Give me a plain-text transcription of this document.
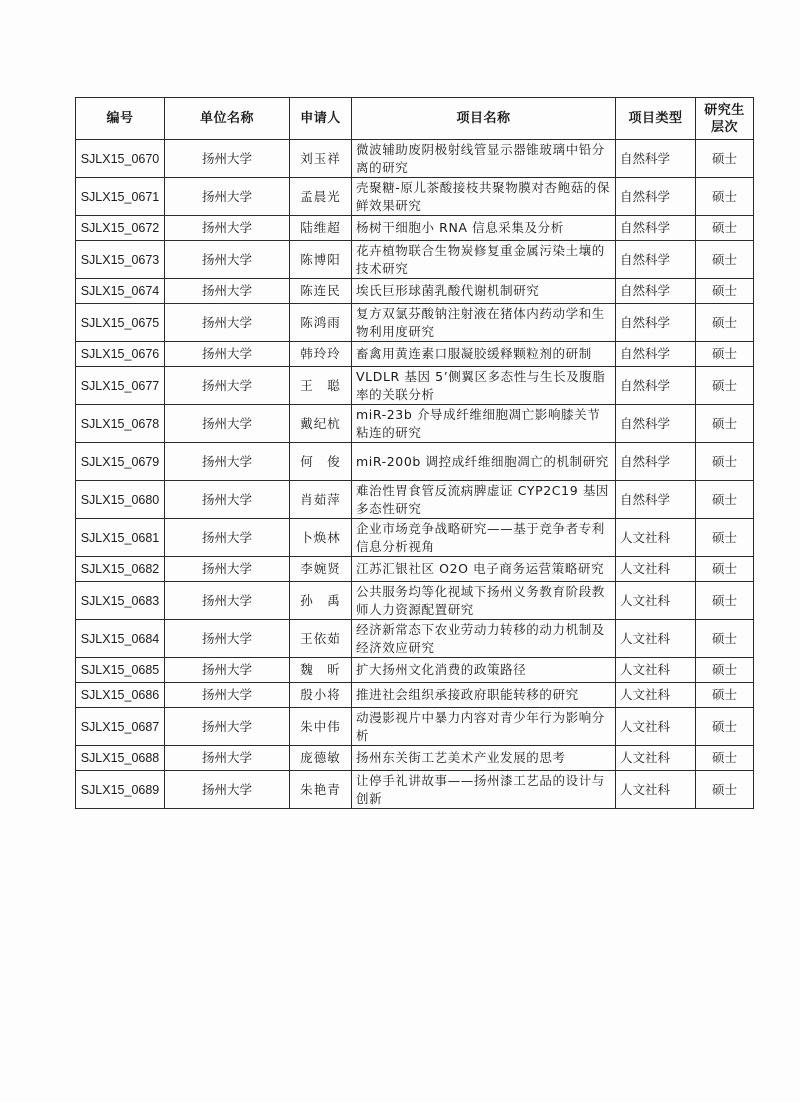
编号	单位名称	申请人	项目名称	项目类型	研究生层次
SJLX15_0670	扬州大学	刘玉祥	微波辅助废阴极射线管显示器锥玻璃中铅分离的研究	自然科学	硕士
SJLX15_0671	扬州大学	孟晨光	壳聚糖-原儿茶酸接枝共聚物膜对杏鲍菇的保鲜效果研究	自然科学	硕士
SJLX15_0672	扬州大学	陆维超	杨树干细胞小 RNA 信息采集及分析	自然科学	硕士
SJLX15_0673	扬州大学	陈博阳	花卉植物联合生物炭修复重金属污染土壤的技术研究	自然科学	硕士
SJLX15_0674	扬州大学	陈连民	埃氏巨形球菌乳酸代谢机制研究	自然科学	硕士
SJLX15_0675	扬州大学	陈鸿雨	复方双氯芬酸钠注射液在猪体内药动学和生物利用度研究	自然科学	硕士
SJLX15_0676	扬州大学	韩玲玲	畜禽用黄连素口服凝胶缓释颗粒剂的研制	自然科学	硕士
SJLX15_0677	扬州大学	王　聪	VLDLR 基因 5’侧翼区多态性与生长及腹脂率的关联分析	自然科学	硕士
SJLX15_0678	扬州大学	戴纪杭	miR-23b 介导成纤维细胞凋亡影响膝关节粘连的研究	自然科学	硕士
SJLX15_0679	扬州大学	何　俊	miR-200b 调控成纤维细胞凋亡的机制研究	自然科学	硕士
SJLX15_0680	扬州大学	肖茹萍	难治性胃食管反流病脾虚证 CYP2C19 基因多态性研究	自然科学	硕士
SJLX15_0681	扬州大学	卜焕林	企业市场竞争战略研究——基于竞争者专利信息分析视角	人文社科	硕士
SJLX15_0682	扬州大学	李婉贤	江苏汇银社区 O2O 电子商务运营策略研究	人文社科	硕士
SJLX15_0683	扬州大学	孙　禹	公共服务均等化视域下扬州义务教育阶段教师人力资源配置研究	人文社科	硕士
SJLX15_0684	扬州大学	王依茹	经济新常态下农业劳动力转移的动力机制及经济效应研究	人文社科	硕士
SJLX15_0685	扬州大学	魏　昕	扩大扬州文化消费的政策路径	人文社科	硕士
SJLX15_0686	扬州大学	殷小将	推进社会组织承接政府职能转移的研究	人文社科	硕士
SJLX15_0687	扬州大学	朱中伟	动漫影视片中暴力内容对青少年行为影响分析	人文社科	硕士
SJLX15_0688	扬州大学	庞德敏	扬州东关街工艺美术产业发展的思考	人文社科	硕士
SJLX15_0689	扬州大学	朱艳青	让停手礼讲故事——扬州漆工艺品的设计与创新	人文社科	硕士
